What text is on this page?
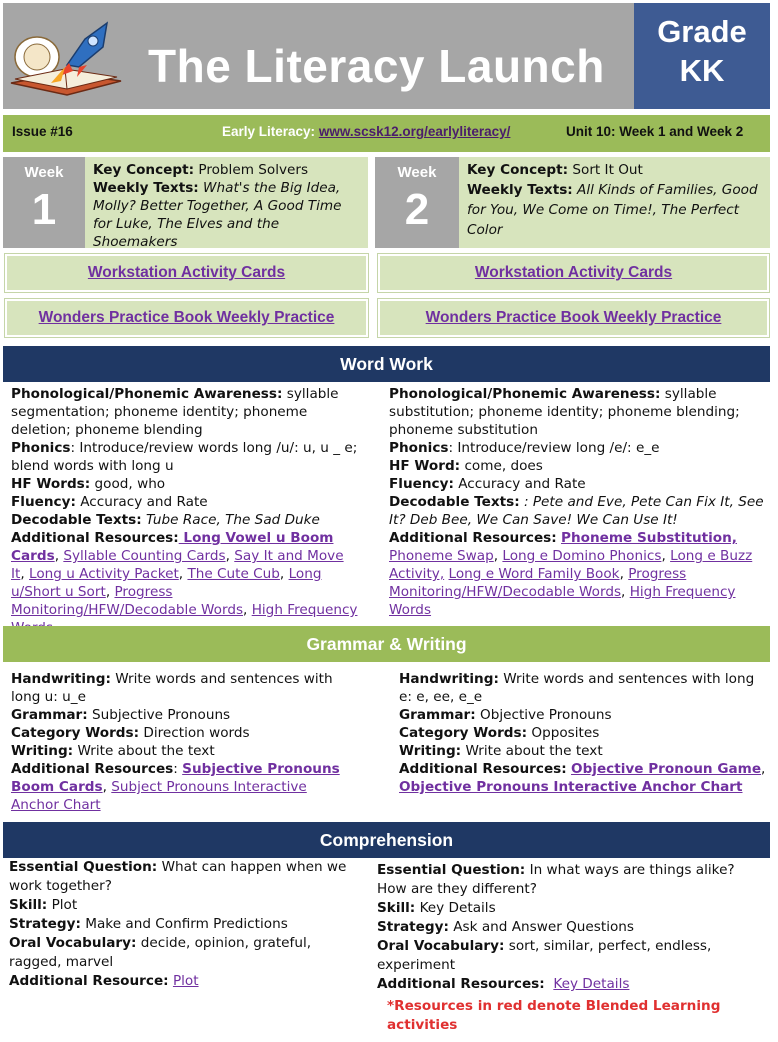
The Literacy Launch
Grade
KK
Issue #16	Early Literacy: www.scsk12.org/earlyliteracy/	Unit 10: Week 1 and Week 2
Week
1
Key Concept: Problem Solvers
Weekly Texts: What's the Big Idea, Molly? Better Together, A Good Time for Luke, The Elves and the Shoemakers
Week
2
Key Concept: Sort It Out
Weekly Texts: All Kinds of Families, Good for You, We Come on Time!, The Perfect Color
Workstation Activity Cards	Workstation Activity Cards
Wonders Practice Book Weekly Practice	Wonders Practice Book Weekly Practice
Word Work
Phonological/Phonemic Awareness: syllable segmentation; phoneme identity; phoneme deletion; phoneme blending
Phonics: Introduce/review words long /u/: u, u _ e; blend words with long u
HF Words: good, who
Fluency: Accuracy and Rate
Decodable Texts: Tube Race, The Sad Duke
Additional Resources: Long Vowel u Boom Cards, Syllable Counting Cards, Say It and Move It, Long u Activity Packet, The Cute Cub, Long u/Short u Sort, Progress Monitoring/HFW/Decodable Words, High Frequency
Phonological/Phonemic Awareness: syllable substitution; phoneme identity; phoneme blending; phoneme substitution
Phonics: Introduce/review long /e/: e_e
HF Word: come, does
Fluency: Accuracy and Rate
Decodable Texts: : Pete and Eve, Pete Can Fix It, See It? Deb Bee, We Can Save! We Can Use It!
Additional Resources: Phoneme Substitution, Phoneme Swap, Long e Domino Phonics, Long e Buzz Activity, Long e Word Family Book, Progress Monitoring/HFW/Decodable Words, High Frequency Words
Grammar & Writing
Handwriting: Write words and sentences with long u: u_e
Grammar: Subjective Pronouns
Category Words: Direction words
Writing: Write about the text
Additional Resources: Subjective Pronouns Boom Cards, Subject Pronouns Interactive Anchor Chart
Handwriting: Write words and sentences with long e: e, ee, e_e
Grammar: Objective Pronouns
Category Words: Opposites
Writing: Write about the text
Additional Resources: Objective Pronoun Game, Objective Pronouns Interactive Anchor Chart
Comprehension
Essential Question: What can happen when we work together?
Skill: Plot
Strategy: Make and Confirm Predictions
Oral Vocabulary: decide, opinion, grateful, ragged, marvel
Additional Resource: Plot
Essential Question: In what ways are things alike? How are they different?
Skill: Key Details
Strategy: Ask and Answer Questions
Oral Vocabulary: sort, similar, perfect, endless, experiment
Additional Resources: Key Details
*Resources in red denote Blended Learning activities
